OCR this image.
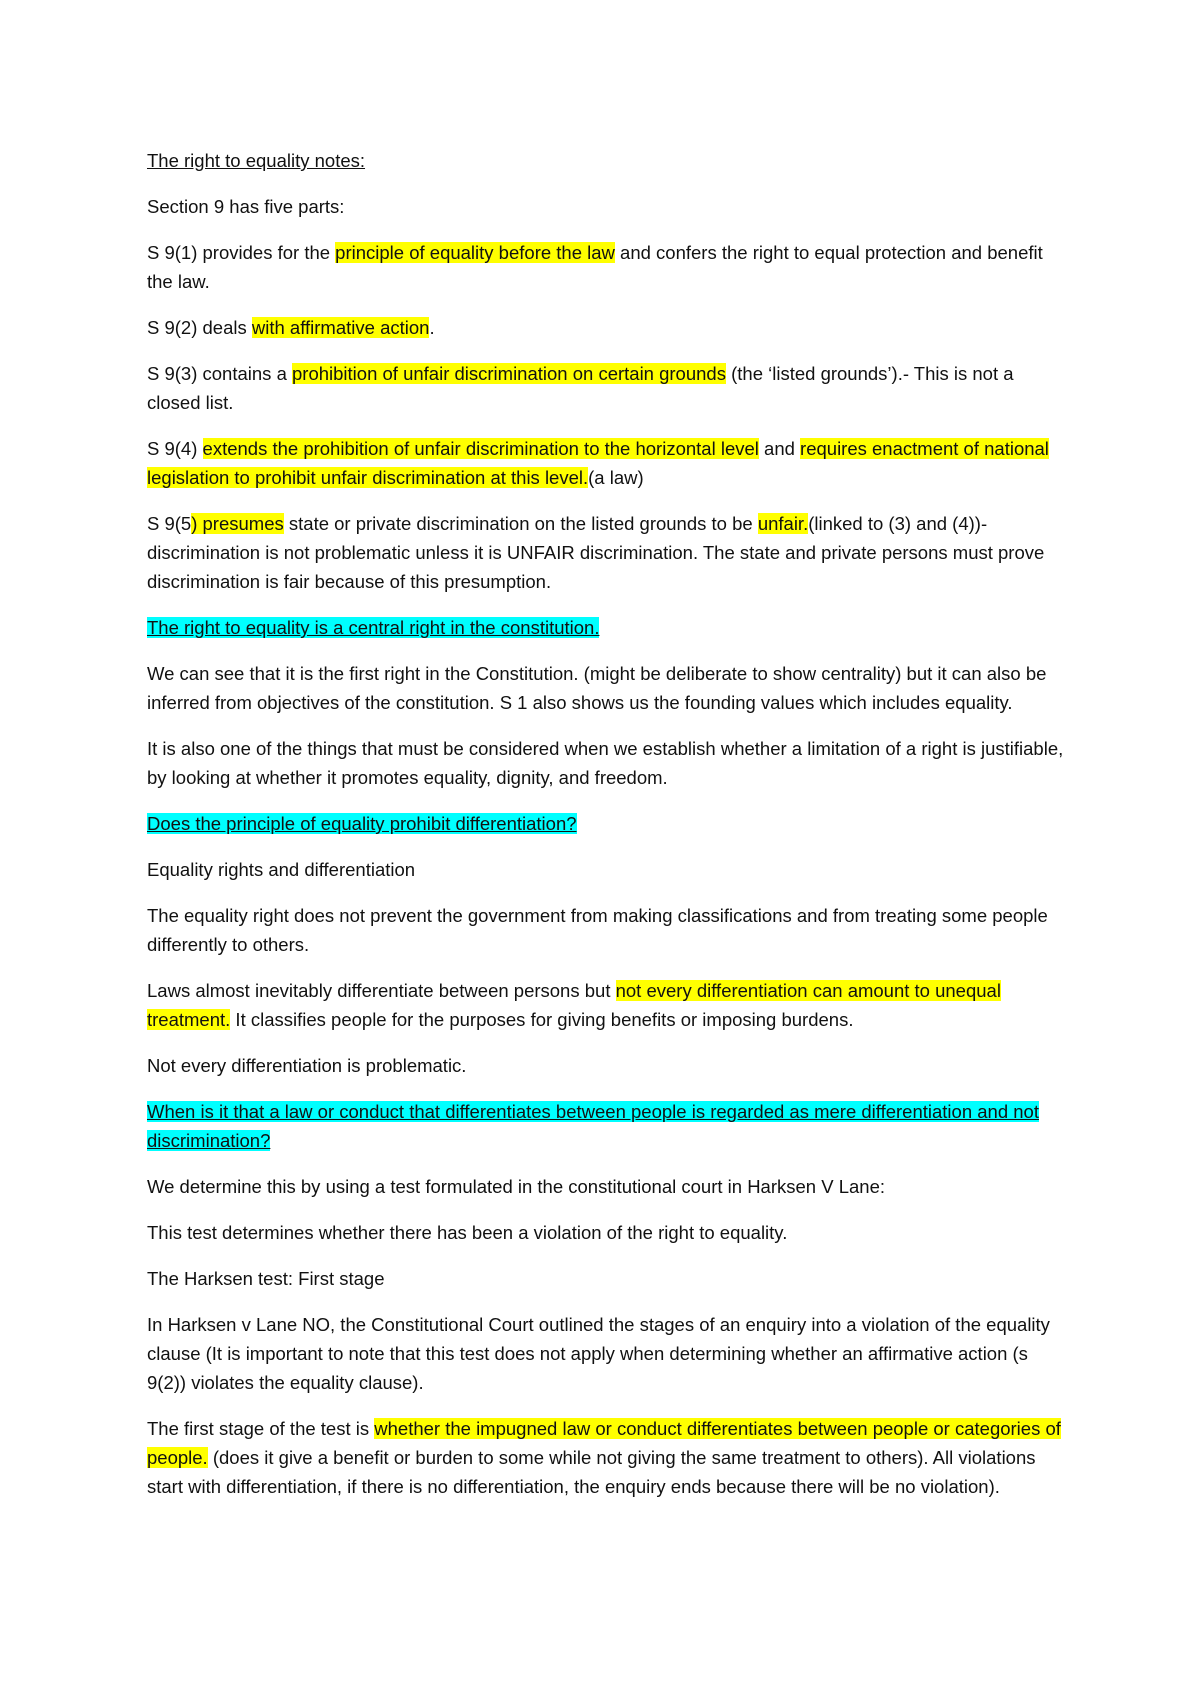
The right to equality notes:

Section 9 has five parts:

S 9(1) provides for the principle of equality before the law and confers the right to equal protection and benefit the law.

S 9(2) deals with affirmative action.

S 9(3) contains a prohibition of unfair discrimination on certain grounds (the ‘listed grounds’).- This is not a closed list.

S 9(4) extends the prohibition of unfair discrimination to the horizontal level and requires enactment of national legislation to prohibit unfair discrimination at this level.(a law)

S 9(5) presumes state or private discrimination on the listed grounds to be unfair.(linked to (3) and (4))- discrimination is not problematic unless it is UNFAIR discrimination. The state and private persons must prove discrimination is fair because of this presumption.

The right to equality is a central right in the constitution.

We can see that it is the first right in the Constitution. (might be deliberate to show centrality) but it can also be inferred from objectives of the constitution. S 1 also shows us the founding values which includes equality.

It is also one of the things that must be considered when we establish whether a limitation of a right is justifiable, by looking at whether it promotes equality, dignity, and freedom.

Does the principle of equality prohibit differentiation?

Equality rights and differentiation

The equality right does not prevent the government from making classifications and from treating some people differently to others.

Laws almost inevitably differentiate between persons but not every differentiation can amount to unequal treatment. It classifies people for the purposes for giving benefits or imposing burdens.

Not every differentiation is problematic.

When is it that a law or conduct that differentiates between people is regarded as mere differentiation and not discrimination?

We determine this by using a test formulated in the constitutional court in Harksen V Lane:

This test determines whether there has been a violation of the right to equality.

The Harksen test: First stage

In Harksen v Lane NO, the Constitutional Court outlined the stages of an enquiry into a violation of the equality clause (It is important to note that this test does not apply when determining whether an affirmative action (s 9(2)) violates the equality clause).

The first stage of the test is whether the impugned law or conduct differentiates between people or categories of people. (does it give a benefit or burden to some while not giving the same treatment to others). All violations start with differentiation, if there is no differentiation, the enquiry ends because there will be no violation).
